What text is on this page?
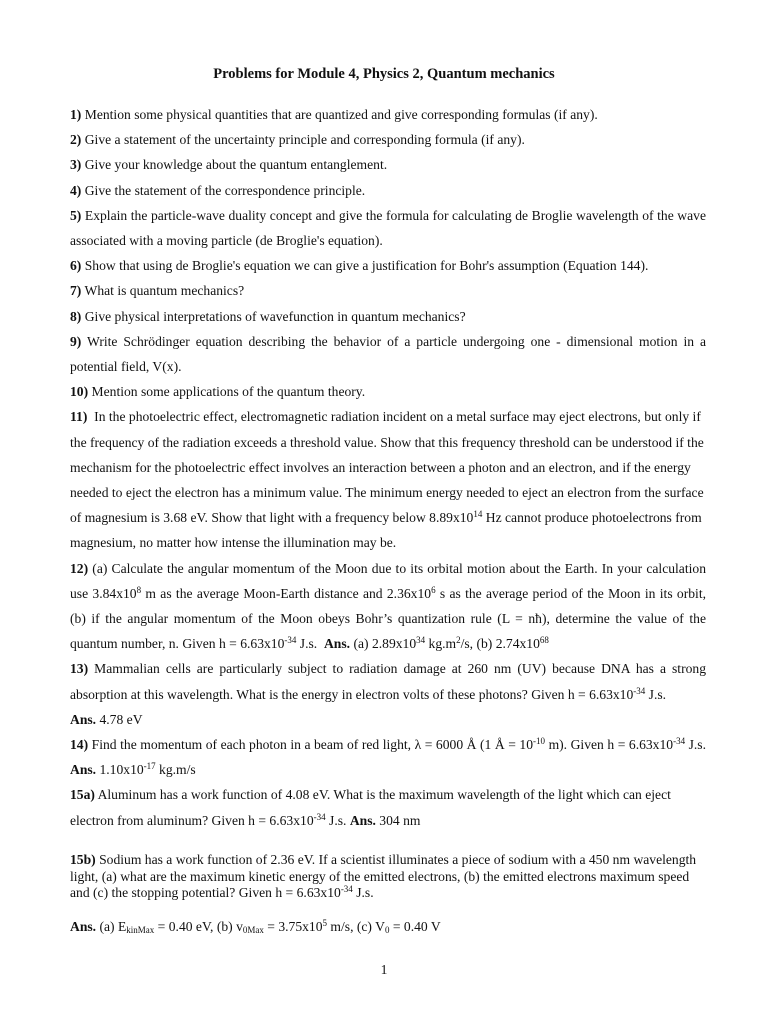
Problems for Module 4, Physics 2, Quantum mechanics

1) Mention some physical quantities that are quantized and give corresponding formulas (if any).

2) Give a statement of the uncertainty principle and corresponding formula (if any).

3) Give your knowledge about the quantum entanglement.

4) Give the statement of the correspondence principle.

5) Explain the particle-wave duality concept and give the formula for calculating de Broglie wavelength of the wave associated with a moving particle (de Broglie's equation).

6) Show that using de Broglie's equation we can give a justification for Bohr's assumption (Equation 144).

7) What is quantum mechanics?

8) Give physical interpretations of wavefunction in quantum mechanics?

9) Write Schrödinger equation describing the behavior of a particle undergoing one - dimensional motion in a potential field, V(x).

10) Mention some applications of the quantum theory.

11) In the photoelectric effect, electromagnetic radiation incident on a metal surface may eject electrons, but only if the frequency of the radiation exceeds a threshold value. Show that this frequency threshold can be understood if the mechanism for the photoelectric effect involves an interaction between a photon and an electron, and if the energy needed to eject the electron has a minimum value. The minimum energy needed to eject an electron from the surface of magnesium is 3.68 eV. Show that light with a frequency below $8.89x10^{14}$ Hz cannot produce photoelectrons from magnesium, no matter how intense the illumination may be.

12) (a) Calculate the angular momentum of the Moon due to its orbital motion about the Earth. In your calculation use $3.84x10^8$ m as the average Moon-Earth distance and $2.36x10^6$ s as the average period of the Moon in its orbit, (b) if the angular momentum of the Moon obeys Bohr’s quantization rule (L = nħ), determine the value of the quantum number, n. Given $h = 6.63x10^{-34}$ J.s. Ans. (a) $2.89x10^{34}$ $kg.m^2/s$, (b) $2.74x10^{68}$

13) Mammalian cells are particularly subject to radiation damage at 260 nm (UV) because DNA has a strong absorption at this wavelength. What is the energy in electron volts of these photons? Given $h = 6.63x10^{-34}$ J.s.
Ans. 4.78 eV

14) Find the momentum of each photon in a beam of red light, λ = 6000 Å (1 Å = $10^{-10}$ m). Given $h = 6.63x10^{-34}$ J.s. Ans. $1.10x10^{-17}$ kg.m/s

15a) Aluminum has a work function of 4.08 eV. What is the maximum wavelength of the light which can eject electron from aluminum? Given $h = 6.63x10^{-34}$ J.s. Ans. 304 nm

15b) Sodium has a work function of 2.36 eV. If a scientist illuminates a piece of sodium with a 450 nm wavelength light, (a) what are the maximum kinetic energy of the emitted electrons, (b) the emitted electrons maximum speed and (c) the stopping potential? Given $h = 6.63x10^{-34}$ J.s.
Ans. (a) $E_{kinMax} = 0.40$ eV, (b) $v_{0Max} = 3.75x10^5$ m/s, (c) $V_0 = 0.40$ V
1
